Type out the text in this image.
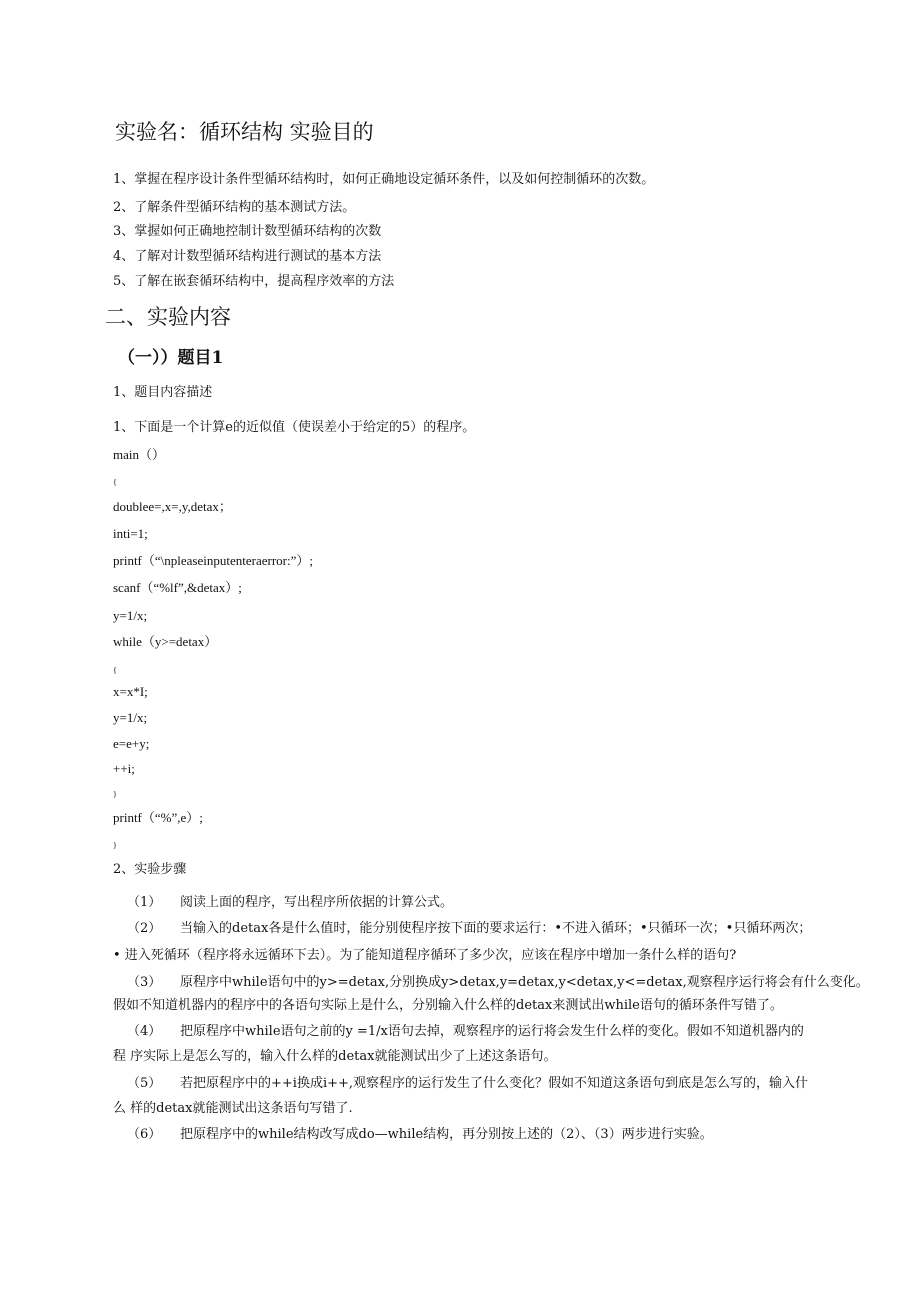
实验名：循环结构 实验目的
1、掌握在程序设计条件型循环结构时，如何正确地设定循环条件，以及如何控制循环的次数。
2、了解条件型循环结构的基本测试方法。
3、掌握如何正确地控制计数型循环结构的次数
4、了解对计数型循环结构进行测试的基本方法
5、了解在嵌套循环结构中，提高程序效率的方法
二、实验内容
（一））题目1
1、题目内容描述
1、下面是一个计算e的近似值（使误差小于给定的5）的程序。
main（）
{
doublee=,x=,y,detax；
inti=1;
printf（“\npleaseinputenteraerror:”）;
scanf（“%lf”,&detax）;
y=1/x;
while（y>=detax）
{
x=x*I;
y=1/x;
e=e+y;
++i;
}
printf（“%”,e）;
}
2、实验步骤
（1） 阅读上面的程序，写出程序所依据的计算公式。
（2） 当输入的detax各是什么值时，能分别使程序按下面的要求运行：•不进入循环；•只循环一次；•只循环两次；
• 进入死循环（程序将永远循环下去）。为了能知道程序循环了多少次，应该在程序中增加一条什么样的语句?
（3） 原程序中while语句中的y>=detax,分别换成y>detax,y=detax,y<detax,y<=detax,观察程序运行将会有什么变化。
假如不知道机器内的程序中的各语句实际上是什么，分别输入什么样的detax来测试出while语句的循环条件写错了。
（4） 把原程序中while语句之前的y =1/x语句去掉，观察程序的运行将会发生什么样的变化。假如不知道机器内的
程 序实际上是怎么写的，输入什么样的detax就能测试出少了上述这条语句。
（5） 若把原程序中的++i换成i++,观察程序的运行发生了什么变化？假如不知道这条语句到底是怎么写的，输入什
么 样的detax就能测试出这条语句写错了.
（6） 把原程序中的while结构改写成do—while结构，再分别按上述的（2）、（3）两步进行实验。
